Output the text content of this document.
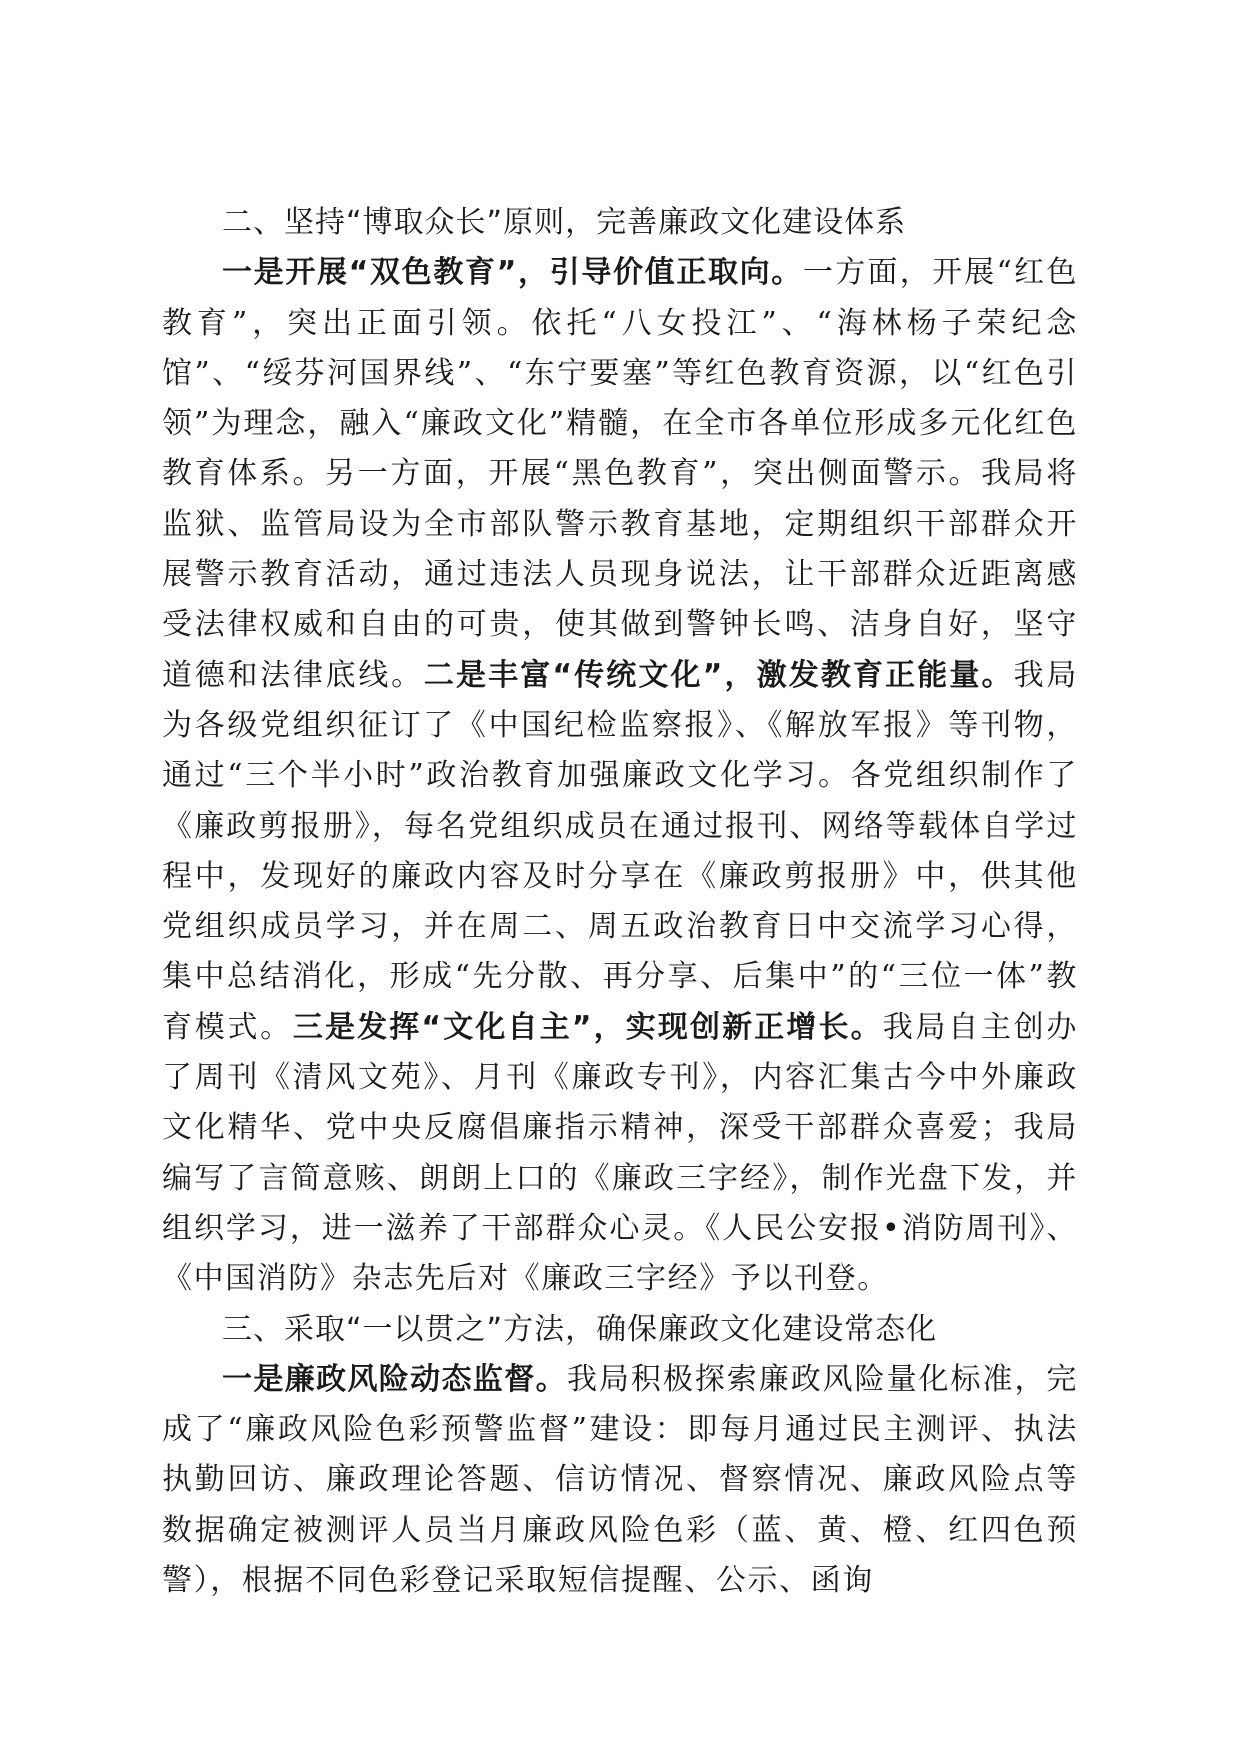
二、坚持“博取众长”原则，完善廉政文化建设体系

一是开展“双色教育”，引导价值正取向。一方面，开展“红色教育”，突出正面引领。依托“八女投江”、“海林杨子荣纪念馆”、“绥芬河国界线”、“东宁要塞”等红色教育资源，以“红色引领”为理念，融入“廉政文化”精髓，在全市各单位形成多元化红色教育体系。另一方面，开展“黑色教育”，突出侧面警示。我局将监狱、监管局设为全市部队警示教育基地，定期组织干部群众开展警示教育活动，通过违法人员现身说法，让干部群众近距离感受法律权威和自由的可贵，使其做到警钟长鸣、洁身自好，坚守道德和法律底线。二是丰富“传统文化”，激发教育正能量。我局为各级党组织征订了《中国纪检监察报》、《解放军报》等刊物，通过“三个半小时”政治教育加强廉政文化学习。各党组织制作了《廉政剪报册》，每名党组织成员在通过报刊、网络等载体自学过程中，发现好的廉政内容及时分享在《廉政剪报册》中，供其他党组织成员学习，并在周二、周五政治教育日中交流学习心得，集中总结消化，形成“先分散、再分享、后集中”的“三位一体”教育模式。三是发挥“文化自主”，实现创新正增长。我局自主创办了周刊《清风文苑》、月刊《廉政专刊》，内容汇集古今中外廉政文化精华、党中央反腐倡廉指示精神，深受干部群众喜爱；我局编写了言简意赅、朗朗上口的《廉政三字经》，制作光盘下发，并组织学习，进一滋养了干部群众心灵。《人民公安报•消防周刊》、《中国消防》杂志先后对《廉政三字经》予以刊登。

三、采取“一以贯之”方法，确保廉政文化建设常态化

一是廉政风险动态监督。我局积极探索廉政风险量化标准，完成了“廉政风险色彩预警监督”建设：即每月通过民主测评、执法执勤回访、廉政理论答题、信访情况、督察情况、廉政风险点等数据确定被测评人员当月廉政风险色彩（蓝、黄、橙、红四色预警），根据不同色彩登记采取短信提醒、公示、函询
